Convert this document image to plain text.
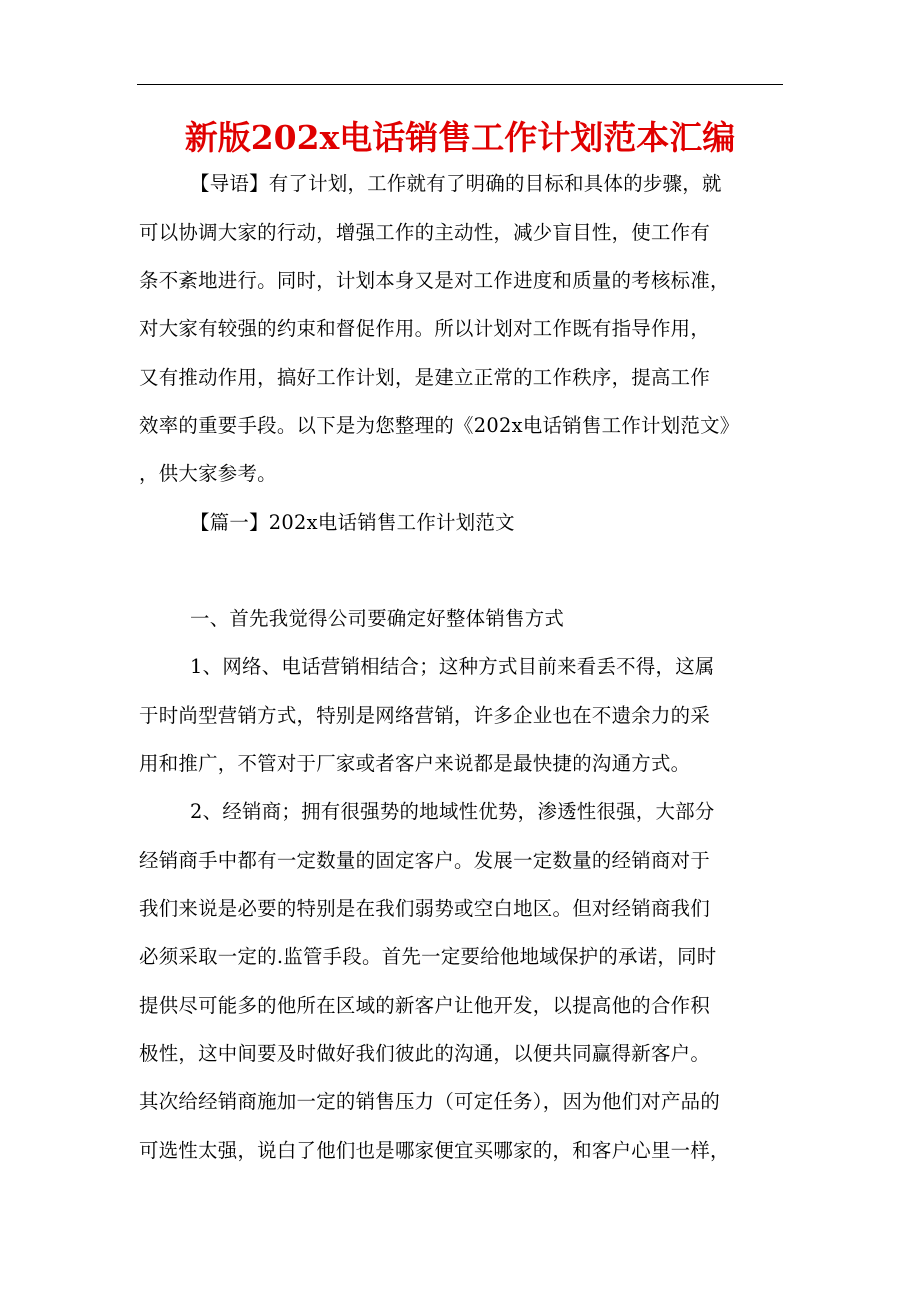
新版202x电话销售工作计划范本汇编
【导语】有了计划，工作就有了明确的目标和具体的步骤，就
可以协调大家的行动，增强工作的主动性，减少盲目性，使工作有
条不紊地进行。同时，计划本身又是对工作进度和质量的考核标准，
对大家有较强的约束和督促作用。所以计划对工作既有指导作用，
又有推动作用，搞好工作计划，是建立正常的工作秩序，提高工作
效率的重要手段。以下是为您整理的《202x电话销售工作计划范文》
，供大家参考。
【篇一】202x电话销售工作计划范文
一、首先我觉得公司要确定好整体销售方式
1、网络、电话营销相结合；这种方式目前来看丢不得，这属
于时尚型营销方式，特别是网络营销，许多企业也在不遗余力的采
用和推广，不管对于厂家或者客户来说都是最快捷的沟通方式。
2、经销商；拥有很强势的地域性优势，渗透性很强，大部分
经销商手中都有一定数量的固定客户。发展一定数量的经销商对于
我们来说是必要的特别是在我们弱势或空白地区。但对经销商我们
必须采取一定的.监管手段。首先一定要给他地域保护的承诺，同时
提供尽可能多的他所在区域的新客户让他开发，以提高他的合作积
极性，这中间要及时做好我们彼此的沟通，以便共同赢得新客户。
其次给经销商施加一定的销售压力（可定任务），因为他们对产品的
可选性太强，说白了他们也是哪家便宜买哪家的，和客户心里一样，
